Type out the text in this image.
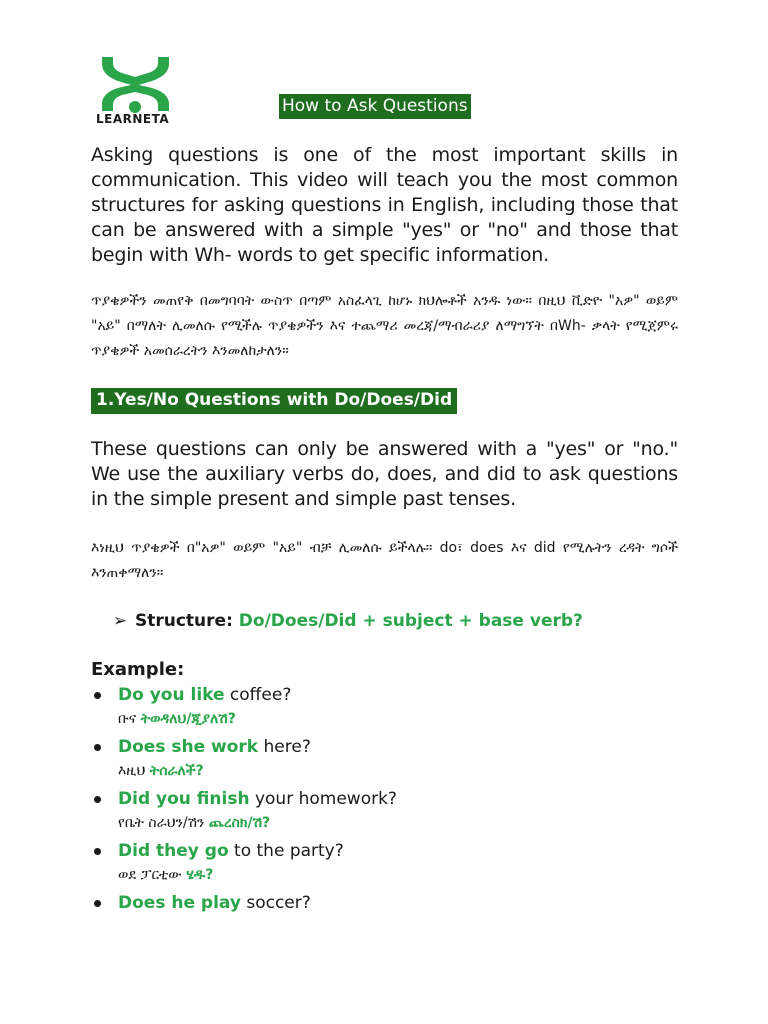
LEARNETA
How to Ask Questions

Asking questions is one of the most important skills in communication. This video will teach you the most common structures for asking questions in English, including those that can be answered with a simple "yes" or "no" and those that begin with Wh- words to get specific information.

ጥያቄዎችን መጠየቅ በመግባባት ውስጥ በጣም አስፈላጊ ከሆኑ ክህሎቶች አንዱ ነው። በዚህ ቪድዮ "አዎ" ወይም "አይ" በማለት ሊመለሱ የሚችሉ ጥያቄዎችን እና ተጨማሪ መረጃ/ማብራሪያ ለማግኘት በWh- ቃላት የሚጀምሩ ጥያቄዎች አመሰራረትን እንመለከታለን።

1.Yes/No Questions with Do/Does/Did

These questions can only be answered with a "yes" or "no." We use the auxiliary verbs do, does, and did to ask questions in the simple present and simple past tenses.

እነዚህ ጥያቄዎች በ"አዎ" ወይም "አይ" ብቻ ሊመለሱ ይችላሉ። do፣ does እና did የሚሉትን ረዳት ግሶች እንጠቀማለን።

➢ Structure: Do/Does/Did + subject + base verb?
Example:
Do you like coffee?
ቡና ትወዳለህ/ጂያለሽ?
Does she work here?
እዚህ ትሰራለች?
Did you finish your homework?
የቤት ስራህን/ሽን ጨረስክ/ሽ?
Did they go to the party?
ወደ ፓርቲው ሄዱ?
Does he play soccer?
